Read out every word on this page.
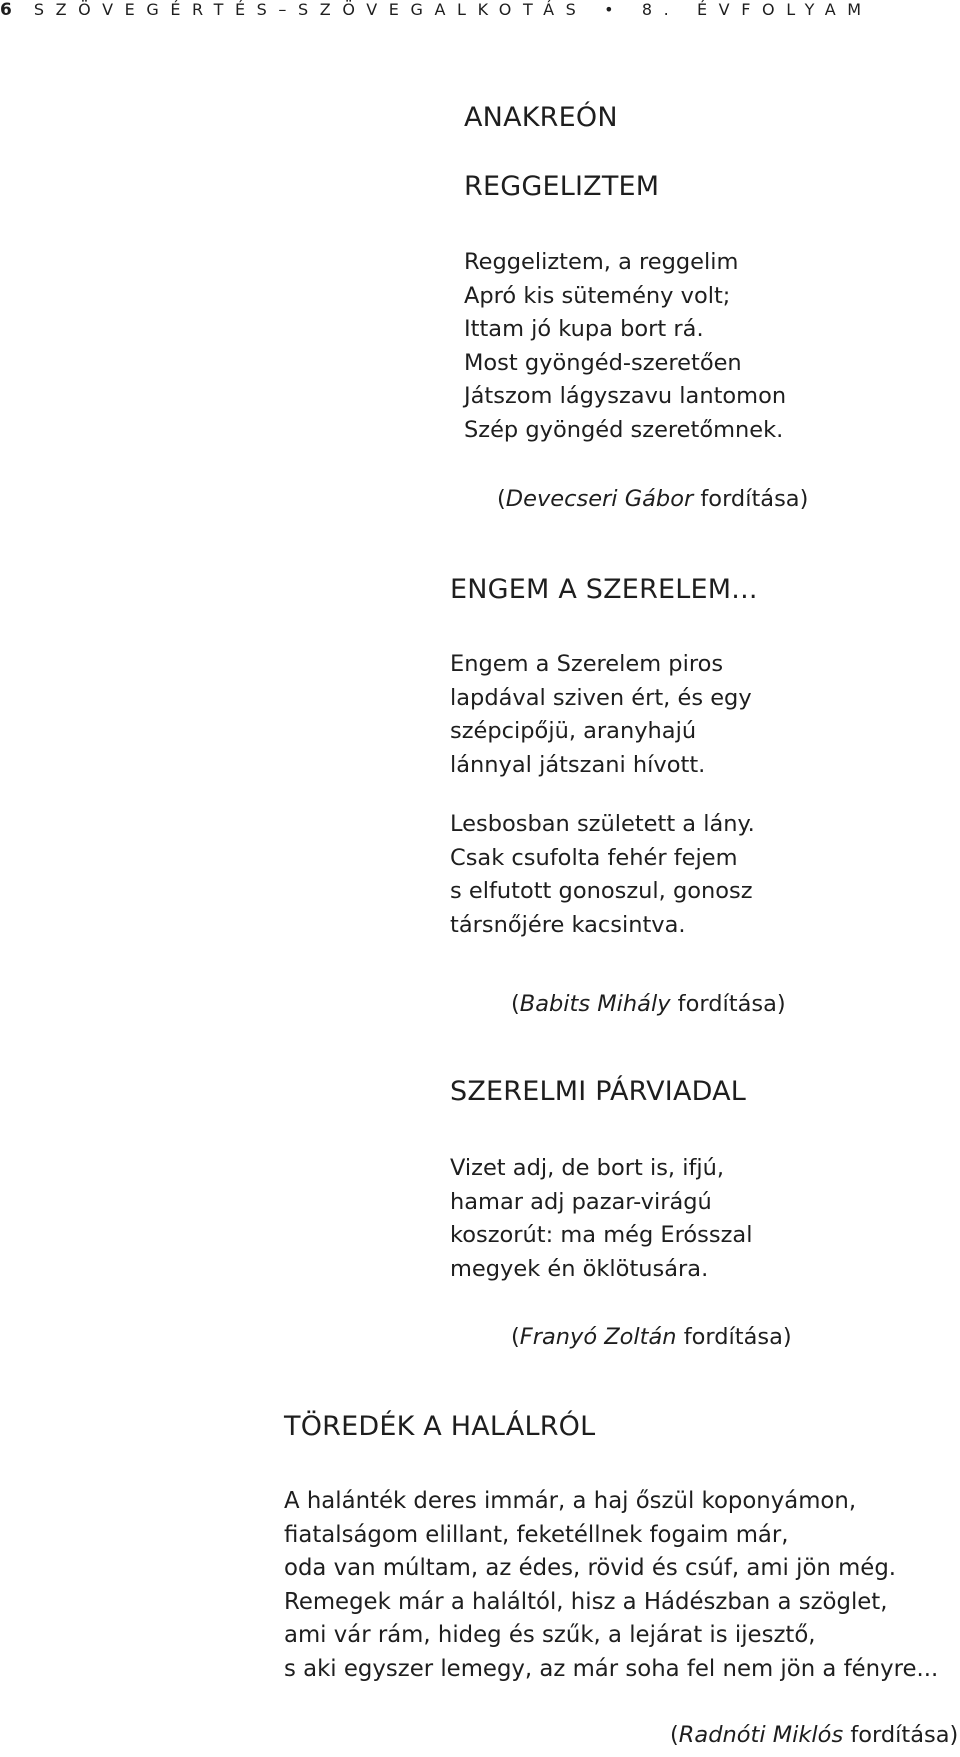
6 SZÖVEGÉRTÉS–SZÖVEGALKOTÁS • 8. ÉVFOLYAM
ANAKREÓN
REGGELIZTEM
Reggeliztem, a reggelim
Apró kis sütemény volt;
Ittam jó kupa bort rá.
Most gyöngéd-szeretően
Játszom lágyszavu lantomon
Szép gyöngéd szeretőmnek.
(Devecseri Gábor fordítása)
ENGEM A SZERELEM...
Engem a Szerelem piros
lapdával sziven ért, és egy
szépcipőjü, aranyhajú
lánnyal játszani hívott.
Lesbosban született a lány.
Csak csufolta fehér fejem
s elfutott gonoszul, gonosz
társnőjére kacsintva.
(Babits Mihály fordítása)
SZERELMI PÁRVIADAL
Vizet adj, de bort is, ifjú,
hamar adj pazar-virágú
koszorút: ma még Erósszal
megyek én öklötusára.
(Franyó Zoltán fordítása)
TÖREDÉK A HALÁLRÓL
A halánték deres immár, a haj őszül koponyámon,
fiatalságom elillant, feketéllnek fogaim már,
oda van múltam, az édes, rövid és csúf, ami jön még.
Remegek már a haláltól, hisz a Hádészban a szöglet,
ami vár rám, hideg és szűk, a lejárat is ijesztő,
s aki egyszer lemegy, az már soha fel nem jön a fényre...
(Radnóti Miklós fordítása)
